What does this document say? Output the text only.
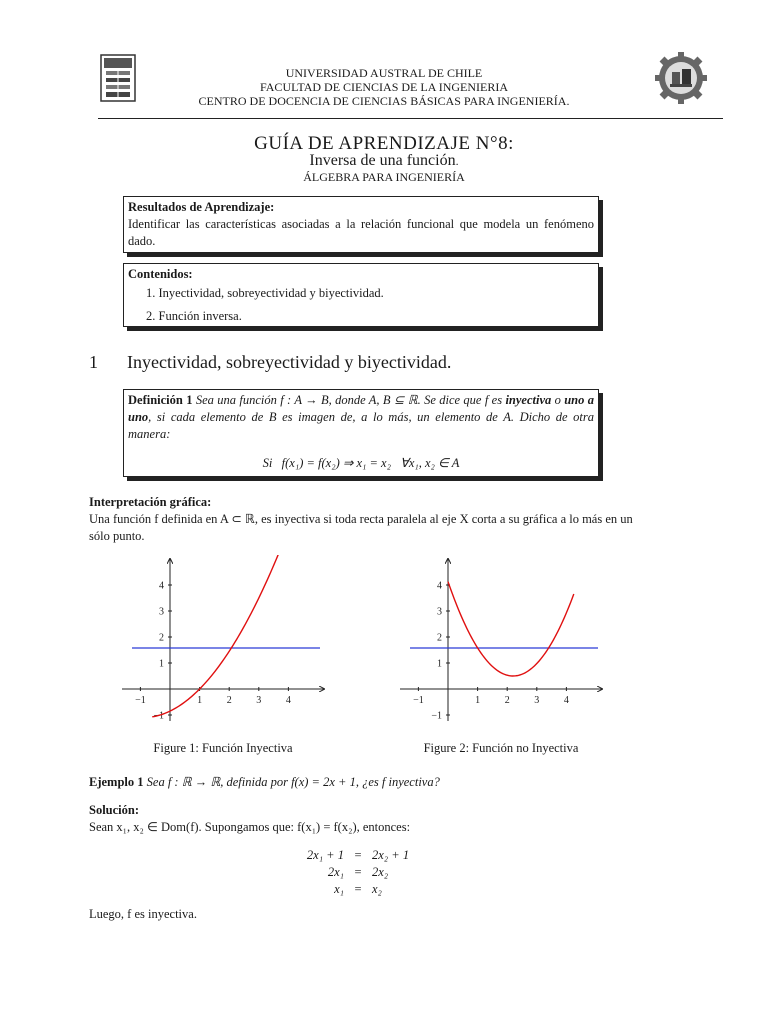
UNIVERSIDAD AUSTRAL DE CHILE
FACULTAD DE CIENCIAS DE LA INGENIERIA
CENTRO DE DOCENCIA DE CIENCIAS BÁSICAS PARA INGENIERÍA.
GUÍA DE APRENDIZAJE N°8:
Inversa de una función.
ÁLGEBRA PARA INGENIERÍA
Resultados de Aprendizaje:
Identificar las características asociadas a la relación funcional que modela un fenómeno dado.
Contenidos:
1. Inyectividad, sobreyectividad y biyectividad.
2. Función inversa.
1 Inyectividad, sobreyectividad y biyectividad.
Definición 1 Sea una función f : A → B, donde A, B ⊆ ℝ. Se dice que f es inyectiva o uno a uno, si cada elemento de B es imagen de, a lo más, un elemento de A. Dicho de otra manera:
Si   f(x₁) = f(x₂) ⇒ x₁ = x₂   ∀x₁, x₂ ∈ A
Interpretación gráfica:
Una función f definida en A ⊂ ℝ, es inyectiva si toda recta paralela al eje X corta a su gráfica a lo más en un sólo punto.
−1	1 2 3 4
4
3
2
1
−1
Figure 1: Función Inyectiva
−1	1 2 3 4
4
3
2
1
−1
Figure 2: Función no Inyectiva
Ejemplo 1 Sea f : ℝ → ℝ, definida por f(x) = 2x + 1, ¿es f inyectiva?
Solución:
Sean x₁, x₂ ∈ Dom(f). Supongamos que: f(x₁) = f(x₂), entonces:
2x₁ + 1 = 2x₂ + 1
2x₁ = 2x₂
x₁ = x₂
Luego, f es inyectiva.
